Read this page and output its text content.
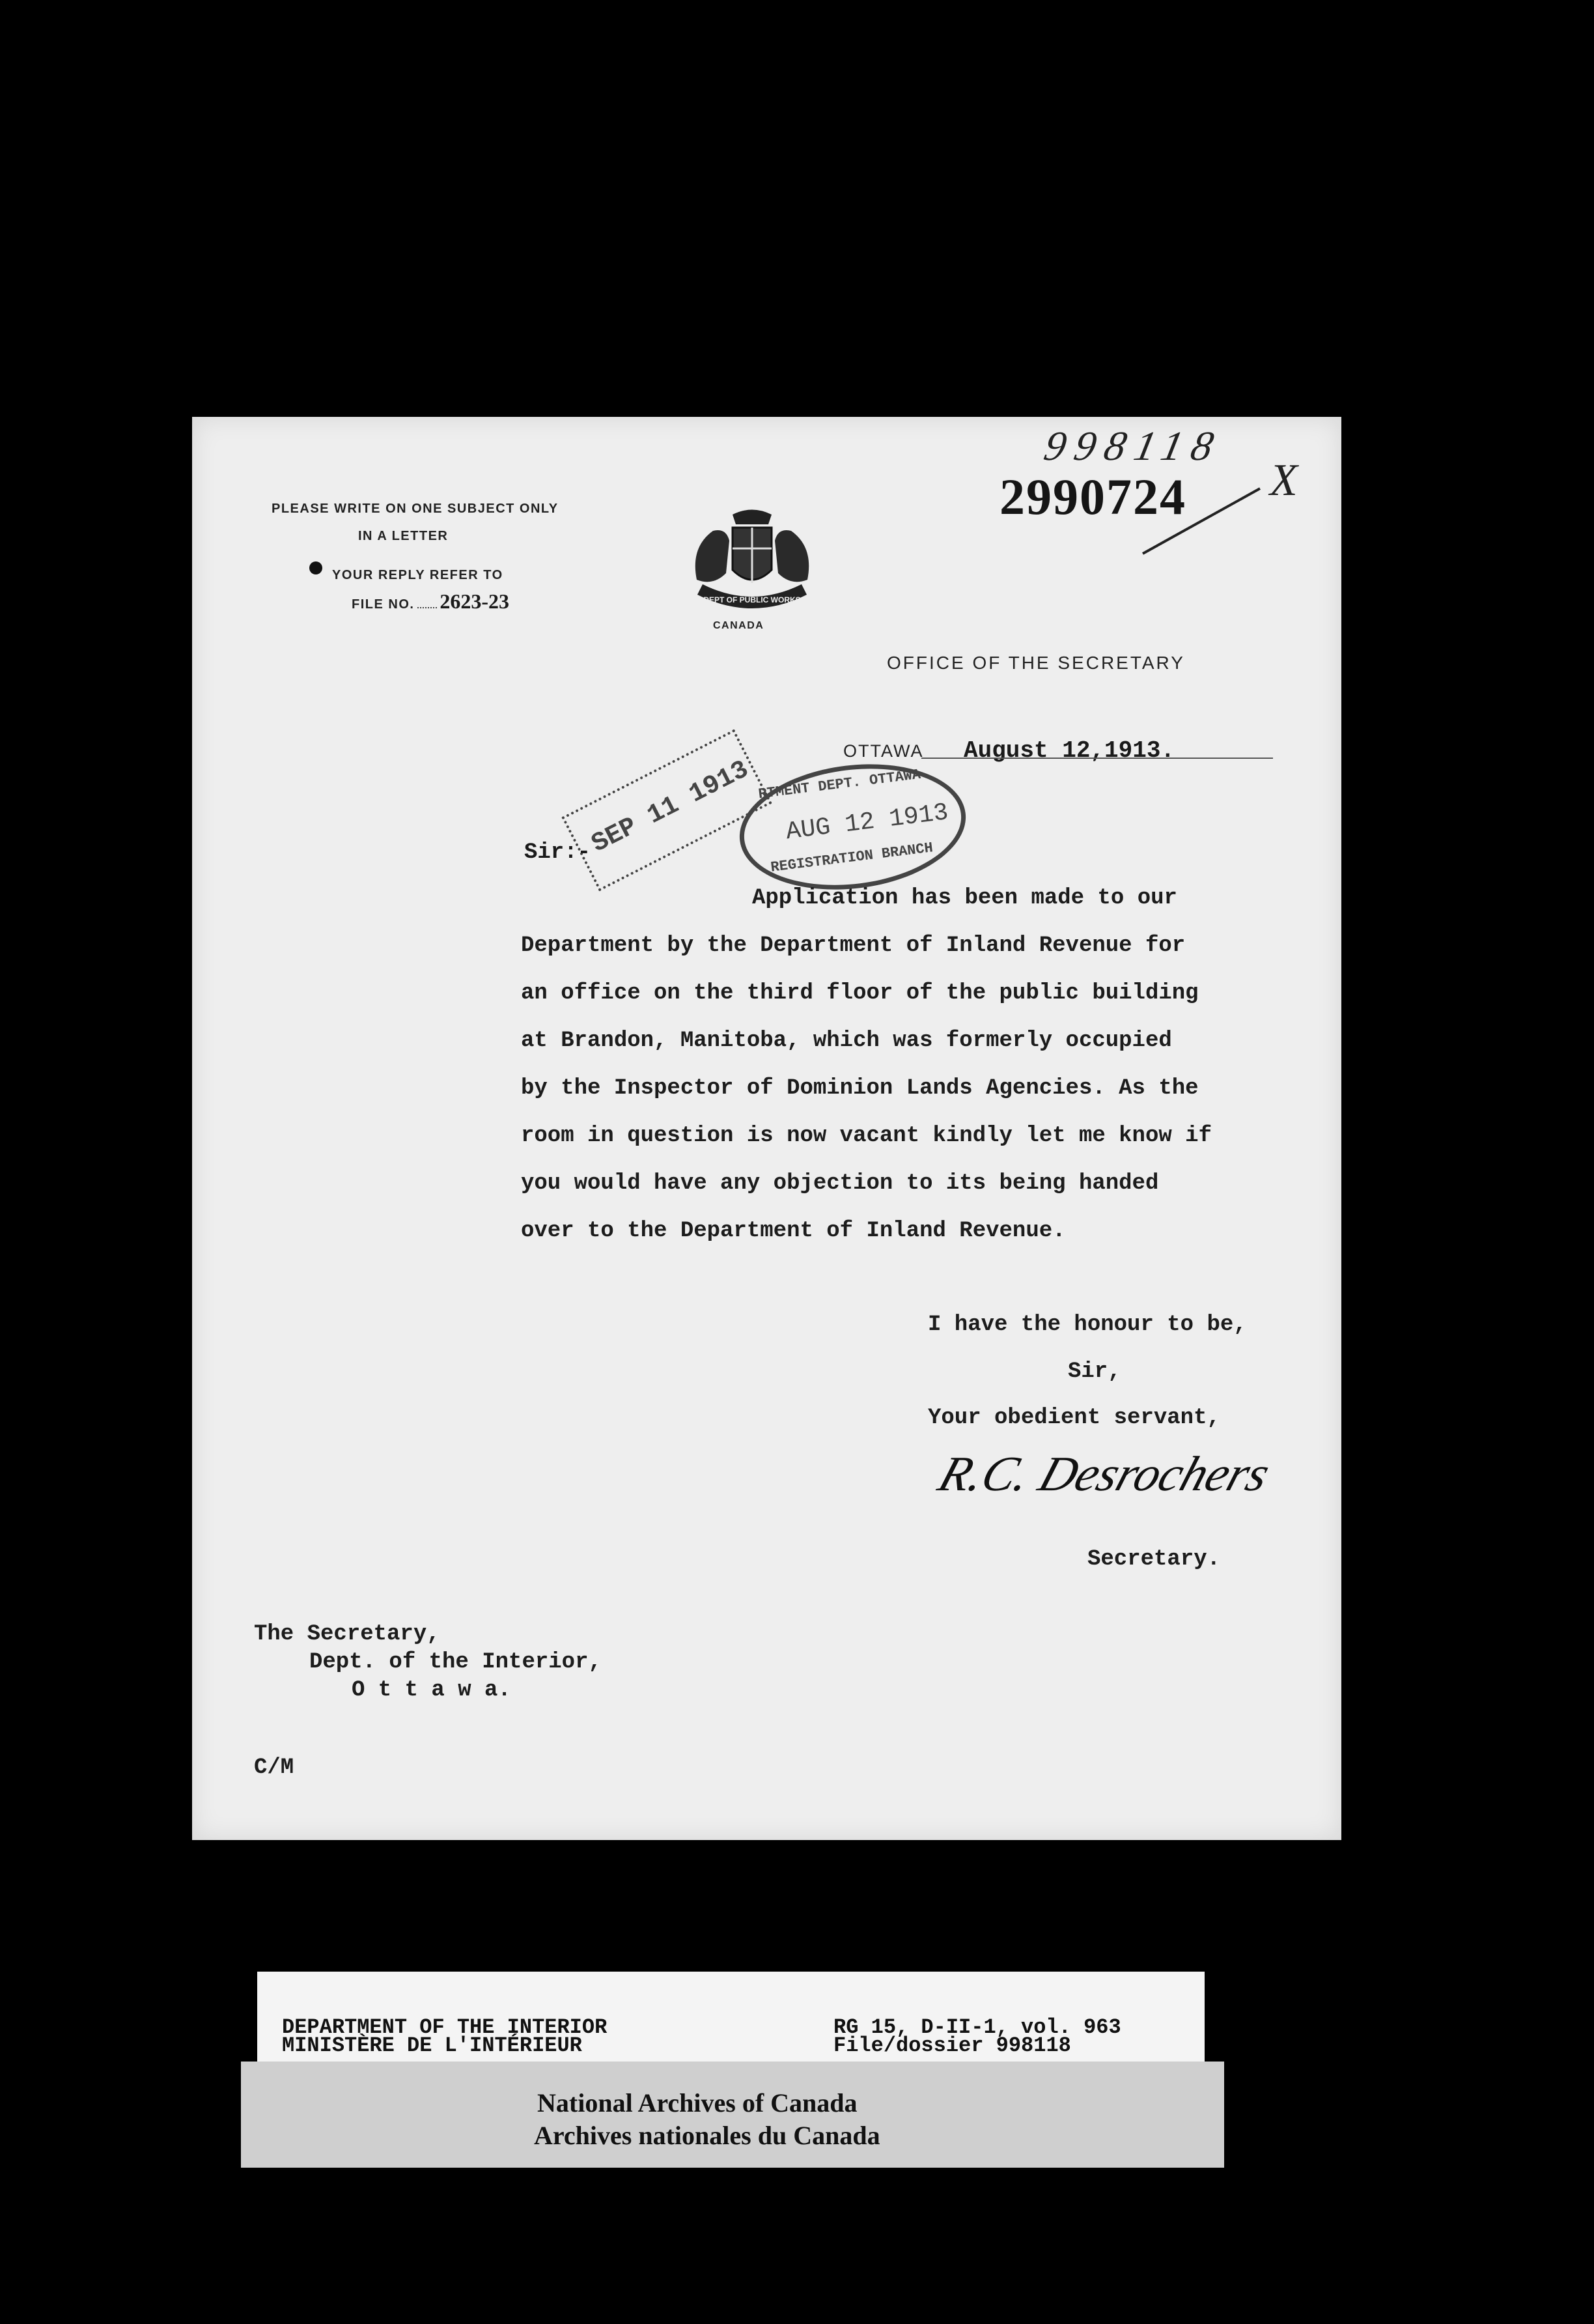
998118
2990724 X
PLEASE WRITE ON ONE SUBJECT ONLY
IN A LETTER
YOUR REPLY REFER TO
FILE NO. 2623-23	DEPT OF PUBLIC WORKS
CANADA
OFFICE OF THE SECRETARY
OTTAWA August 12,1913.
SEP 11 1913 RTMENT DEPT. OTTAWA
AUG 12 1913
REGISTRATION BRANCH
Sir:-
Application has been made to our
Department by the Department of Inland Revenue for
an office on the third floor of the public building
at Brandon, Manitoba, which was formerly occupied
by the Inspector of Dominion Lands Agencies. As the
room in question is now vacant kindly let me know if
you would have any objection to its being handed
over to the Department of Inland Revenue.
I have the honour to be,
Sir,
Your obedient servant,
R.C. Desrochers
Secretary.
The Secretary,
Dept. of the Interior,
O t t a w a.
C/M
DEPARTMENT OF THE INTERIOR
MINISTÈRE DE L'INTÉRIEUR
RG 15, D-II-1, vol. 963
File/dossier 998118
National Archives of Canada
Archives nationales du Canada
